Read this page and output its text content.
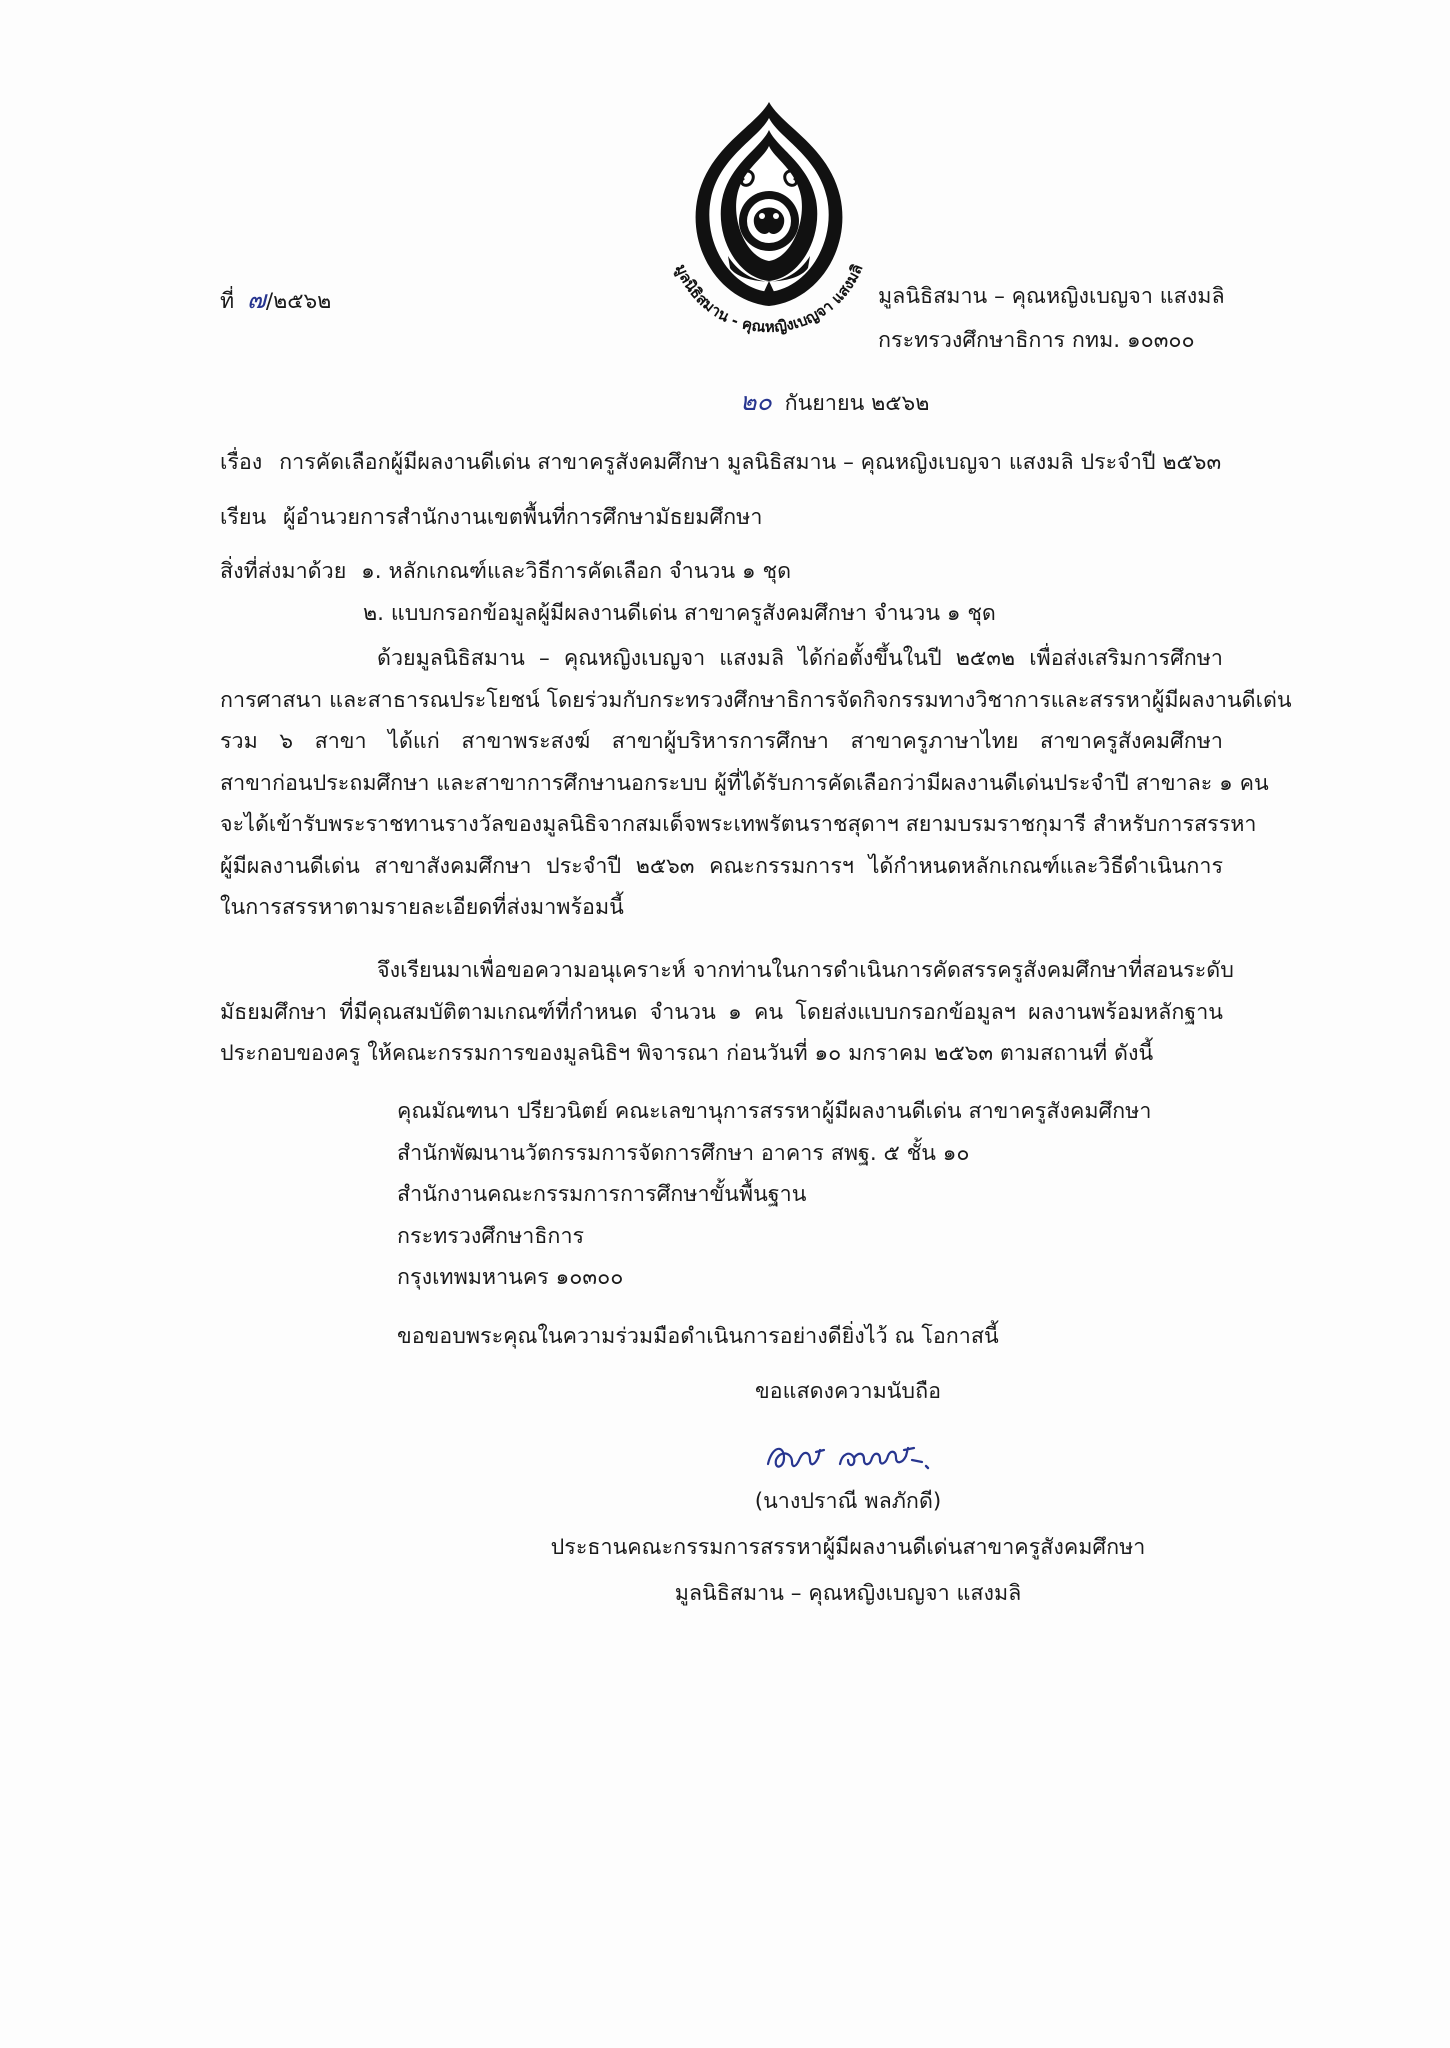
มูลนิธิสมาน - คุณหญิงเบญจา แสงมลิ
ที่ ๗/๒๕๖๒	มูลนิธิสมาน – คุณหญิงเบญจา แสงมลิ
กระทรวงศึกษาธิการ กทม. ๑๐๓๐๐
๒๐ กันยายน ๒๕๖๒
เรื่อง การคัดเลือกผู้มีผลงานดีเด่น สาขาครูสังคมศึกษา มูลนิธิสมาน – คุณหญิงเบญจา แสงมลิ ประจำปี ๒๕๖๓
เรียน ผู้อำนวยการสำนักงานเขตพื้นที่การศึกษามัธยมศึกษา
สิ่งที่ส่งมาด้วย ๑. หลักเกณฑ์และวิธีการคัดเลือก จำนวน ๑ ชุด
๒. แบบกรอกข้อมูลผู้มีผลงานดีเด่น สาขาครูสังคมศึกษา จำนวน ๑ ชุด
ด้วยมูลนิธิสมาน – คุณหญิงเบญจา แสงมลิ ได้ก่อตั้งขึ้นในปี ๒๕๓๒ เพื่อส่งเสริมการศึกษา
การศาสนา และสาธารณประโยชน์ โดยร่วมกับกระทรวงศึกษาธิการจัดกิจกรรมทางวิชาการและสรรหาผู้มีผลงานดีเด่น
รวม ๖ สาขา ได้แก่ สาขาพระสงฆ์ สาขาผู้บริหารการศึกษา สาขาครูภาษาไทย สาขาครูสังคมศึกษา
สาขาก่อนประถมศึกษา และสาขาการศึกษานอกระบบ ผู้ที่ได้รับการคัดเลือกว่ามีผลงานดีเด่นประจำปี สาขาละ ๑ คน
จะได้เข้ารับพระราชทานรางวัลของมูลนิธิจากสมเด็จพระเทพรัตนราชสุดาฯ สยามบรมราชกุมารี สำหรับการสรรหา
ผู้มีผลงานดีเด่น สาขาสังคมศึกษา ประจำปี ๒๕๖๓ คณะกรรมการฯ ได้กำหนดหลักเกณฑ์และวิธีดำเนินการ
ในการสรรหาตามรายละเอียดที่ส่งมาพร้อมนี้
จึงเรียนมาเพื่อขอความอนุเคราะห์ จากท่านในการดำเนินการคัดสรรครูสังคมศึกษาที่สอนระดับ
มัธยมศึกษา ที่มีคุณสมบัติตามเกณฑ์ที่กำหนด จำนวน ๑ คน โดยส่งแบบกรอกข้อมูลฯ ผลงานพร้อมหลักฐาน
ประกอบของครู ให้คณะกรรมการของมูลนิธิฯ พิจารณา ก่อนวันที่ ๑๐ มกราคม ๒๕๖๓ ตามสถานที่ ดังนี้
คุณมัณฑนา ปรียวนิตย์ คณะเลขานุการสรรหาผู้มีผลงานดีเด่น สาขาครูสังคมศึกษา
สำนักพัฒนานวัตกรรมการจัดการศึกษา อาคาร สพฐ. ๕ ชั้น ๑๐
สำนักงานคณะกรรมการการศึกษาขั้นพื้นฐาน
กระทรวงศึกษาธิการ
กรุงเทพมหานคร ๑๐๓๐๐
ขอขอบพระคุณในความร่วมมือดำเนินการอย่างดียิ่งไว้ ณ โอกาสนี้
ขอแสดงความนับถือ
(นางปราณี พลภักดี)
ประธานคณะกรรมการสรรหาผู้มีผลงานดีเด่นสาขาครูสังคมศึกษา
มูลนิธิสมาน – คุณหญิงเบญจา แสงมลิ
